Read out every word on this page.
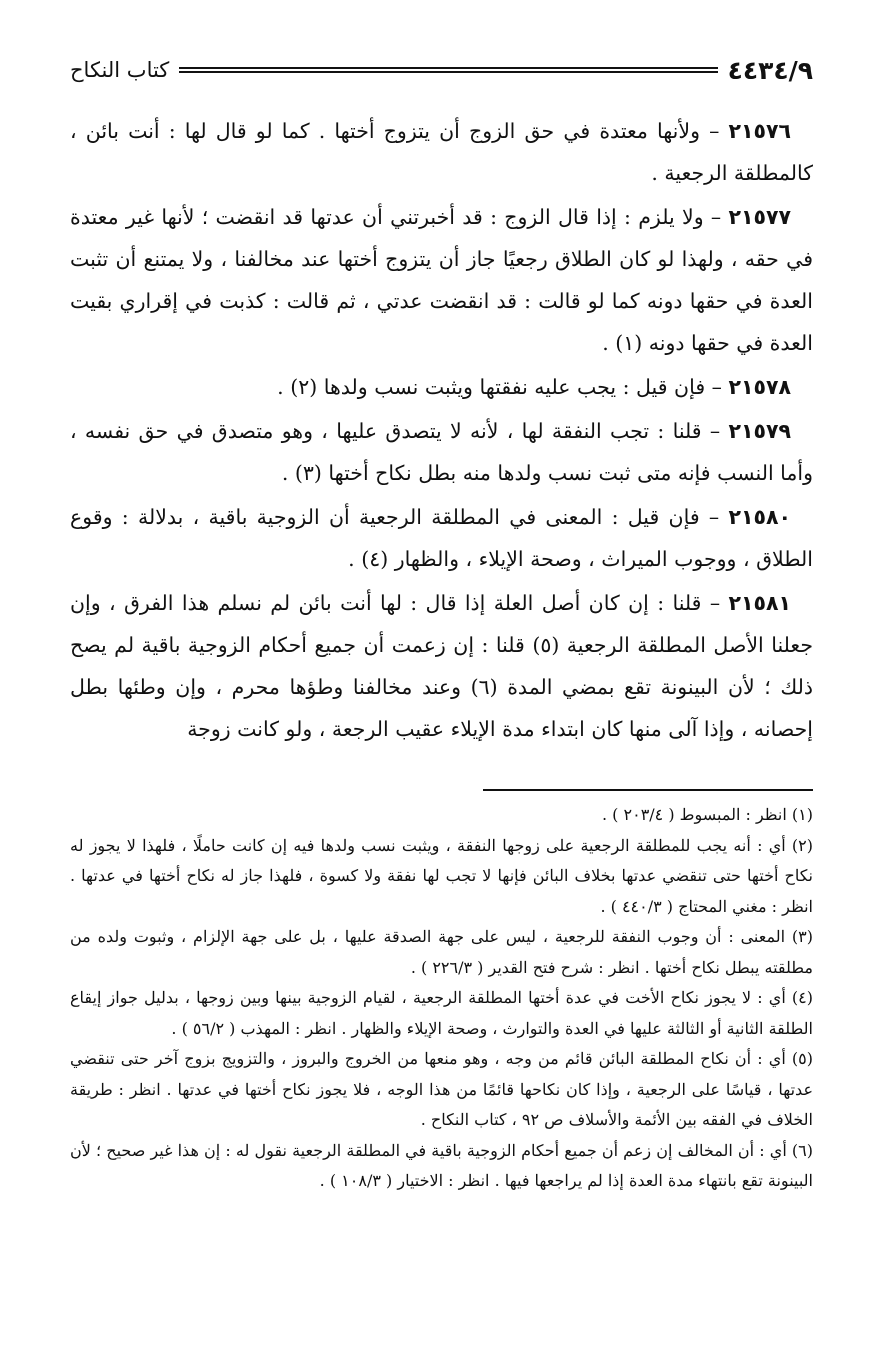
٤٤٣٤/٩
كتاب النكاح

٢١٥٧٦ – ولأنها معتدة في حق الزوج أن يتزوج أختها . كما لو قال لها : أنت بائن ، كالمطلقة الرجعية .

٢١٥٧٧ – ولا يلزم : إذا قال الزوج : قد أخبرتني أن عدتها قد انقضت ؛ لأنها غير معتدة في حقه ، ولهذا لو كان الطلاق رجعيًا جاز أن يتزوج أختها عند مخالفنا ، ولا يمتنع أن تثبت العدة في حقها دونه كما لو قالت : قد انقضت عدتي ، ثم قالت : كذبت في إقراري بقيت العدة في حقها دونه (١) .

٢١٥٧٨ – فإن قيل : يجب عليه نفقتها ويثبت نسب ولدها (٢) .

٢١٥٧٩ – قلنا : تجب النفقة لها ، لأنه لا يتصدق عليها ، وهو متصدق في حق نفسه ، وأما النسب فإنه متى ثبت نسب ولدها منه بطل نكاح أختها (٣) .

٢١٥٨٠ – فإن قيل : المعنى في المطلقة الرجعية أن الزوجية باقية ، بدلالة : وقوع الطلاق ، ووجوب الميراث ، وصحة الإيلاء ، والظهار (٤) .

٢١٥٨١ – قلنا : إن كان أصل العلة إذا قال : لها أنت بائن لم نسلم هذا الفرق ، وإن جعلنا الأصل المطلقة الرجعية (٥) قلنا : إن زعمت أن جميع أحكام الزوجية باقية لم يصح ذلك ؛ لأن البينونة تقع بمضي المدة (٦) وعند مخالفنا وطؤها محرم ، وإن وطئها بطل إحصانه ، وإذا آلى منها كان ابتداء مدة الإيلاء عقيب الرجعة ، ولو كانت زوجة

(١) انظر : المبسوط ( ٢٠٣/٤ ) .

(٢) أي : أنه يجب للمطلقة الرجعية على زوجها النفقة ، ويثبت نسب ولدها فيه إن كانت حاملًا ، فلهذا لا يجوز له نكاح أختها حتى تنقضي عدتها بخلاف البائن فإنها لا تجب لها نفقة ولا كسوة ، فلهذا جاز له نكاح أختها في عدتها . انظر : مغني المحتاج ( ٤٤٠/٣ ) .

(٣) المعنى : أن وجوب النفقة للرجعية ، ليس على جهة الصدقة عليها ، بل على جهة الإلزام ، وثبوت ولده من مطلقته يبطل نكاح أختها . انظر : شرح فتح القدير ( ٢٢٦/٣ ) .

(٤) أي : لا يجوز نكاح الأخت في عدة أختها المطلقة الرجعية ، لقيام الزوجية بينها وبين زوجها ، بدليل جواز إيقاع الطلقة الثانية أو الثالثة عليها في العدة والتوارث ، وصحة الإيلاء والظهار . انظر : المهذب ( ٥٦/٢ ) .

(٥) أي : أن نكاح المطلقة البائن قائم من وجه ، وهو منعها من الخروج والبروز ، والتزويج بزوج آخر حتى تنقضي عدتها ، قياسًا على الرجعية ، وإذا كان نكاحها قائمًا من هذا الوجه ، فلا يجوز نكاح أختها في عدتها . انظر : طريقة الخلاف في الفقه بين الأئمة والأسلاف ص ٩٢ ، كتاب النكاح .

(٦) أي : أن المخالف إن زعم أن جميع أحكام الزوجية باقية في المطلقة الرجعية نقول له : إن هذا غير صحيح ؛ لأن البينونة تقع بانتهاء مدة العدة إذا لم يراجعها فيها . انظر : الاختيار ( ١٠٨/٣ ) .
